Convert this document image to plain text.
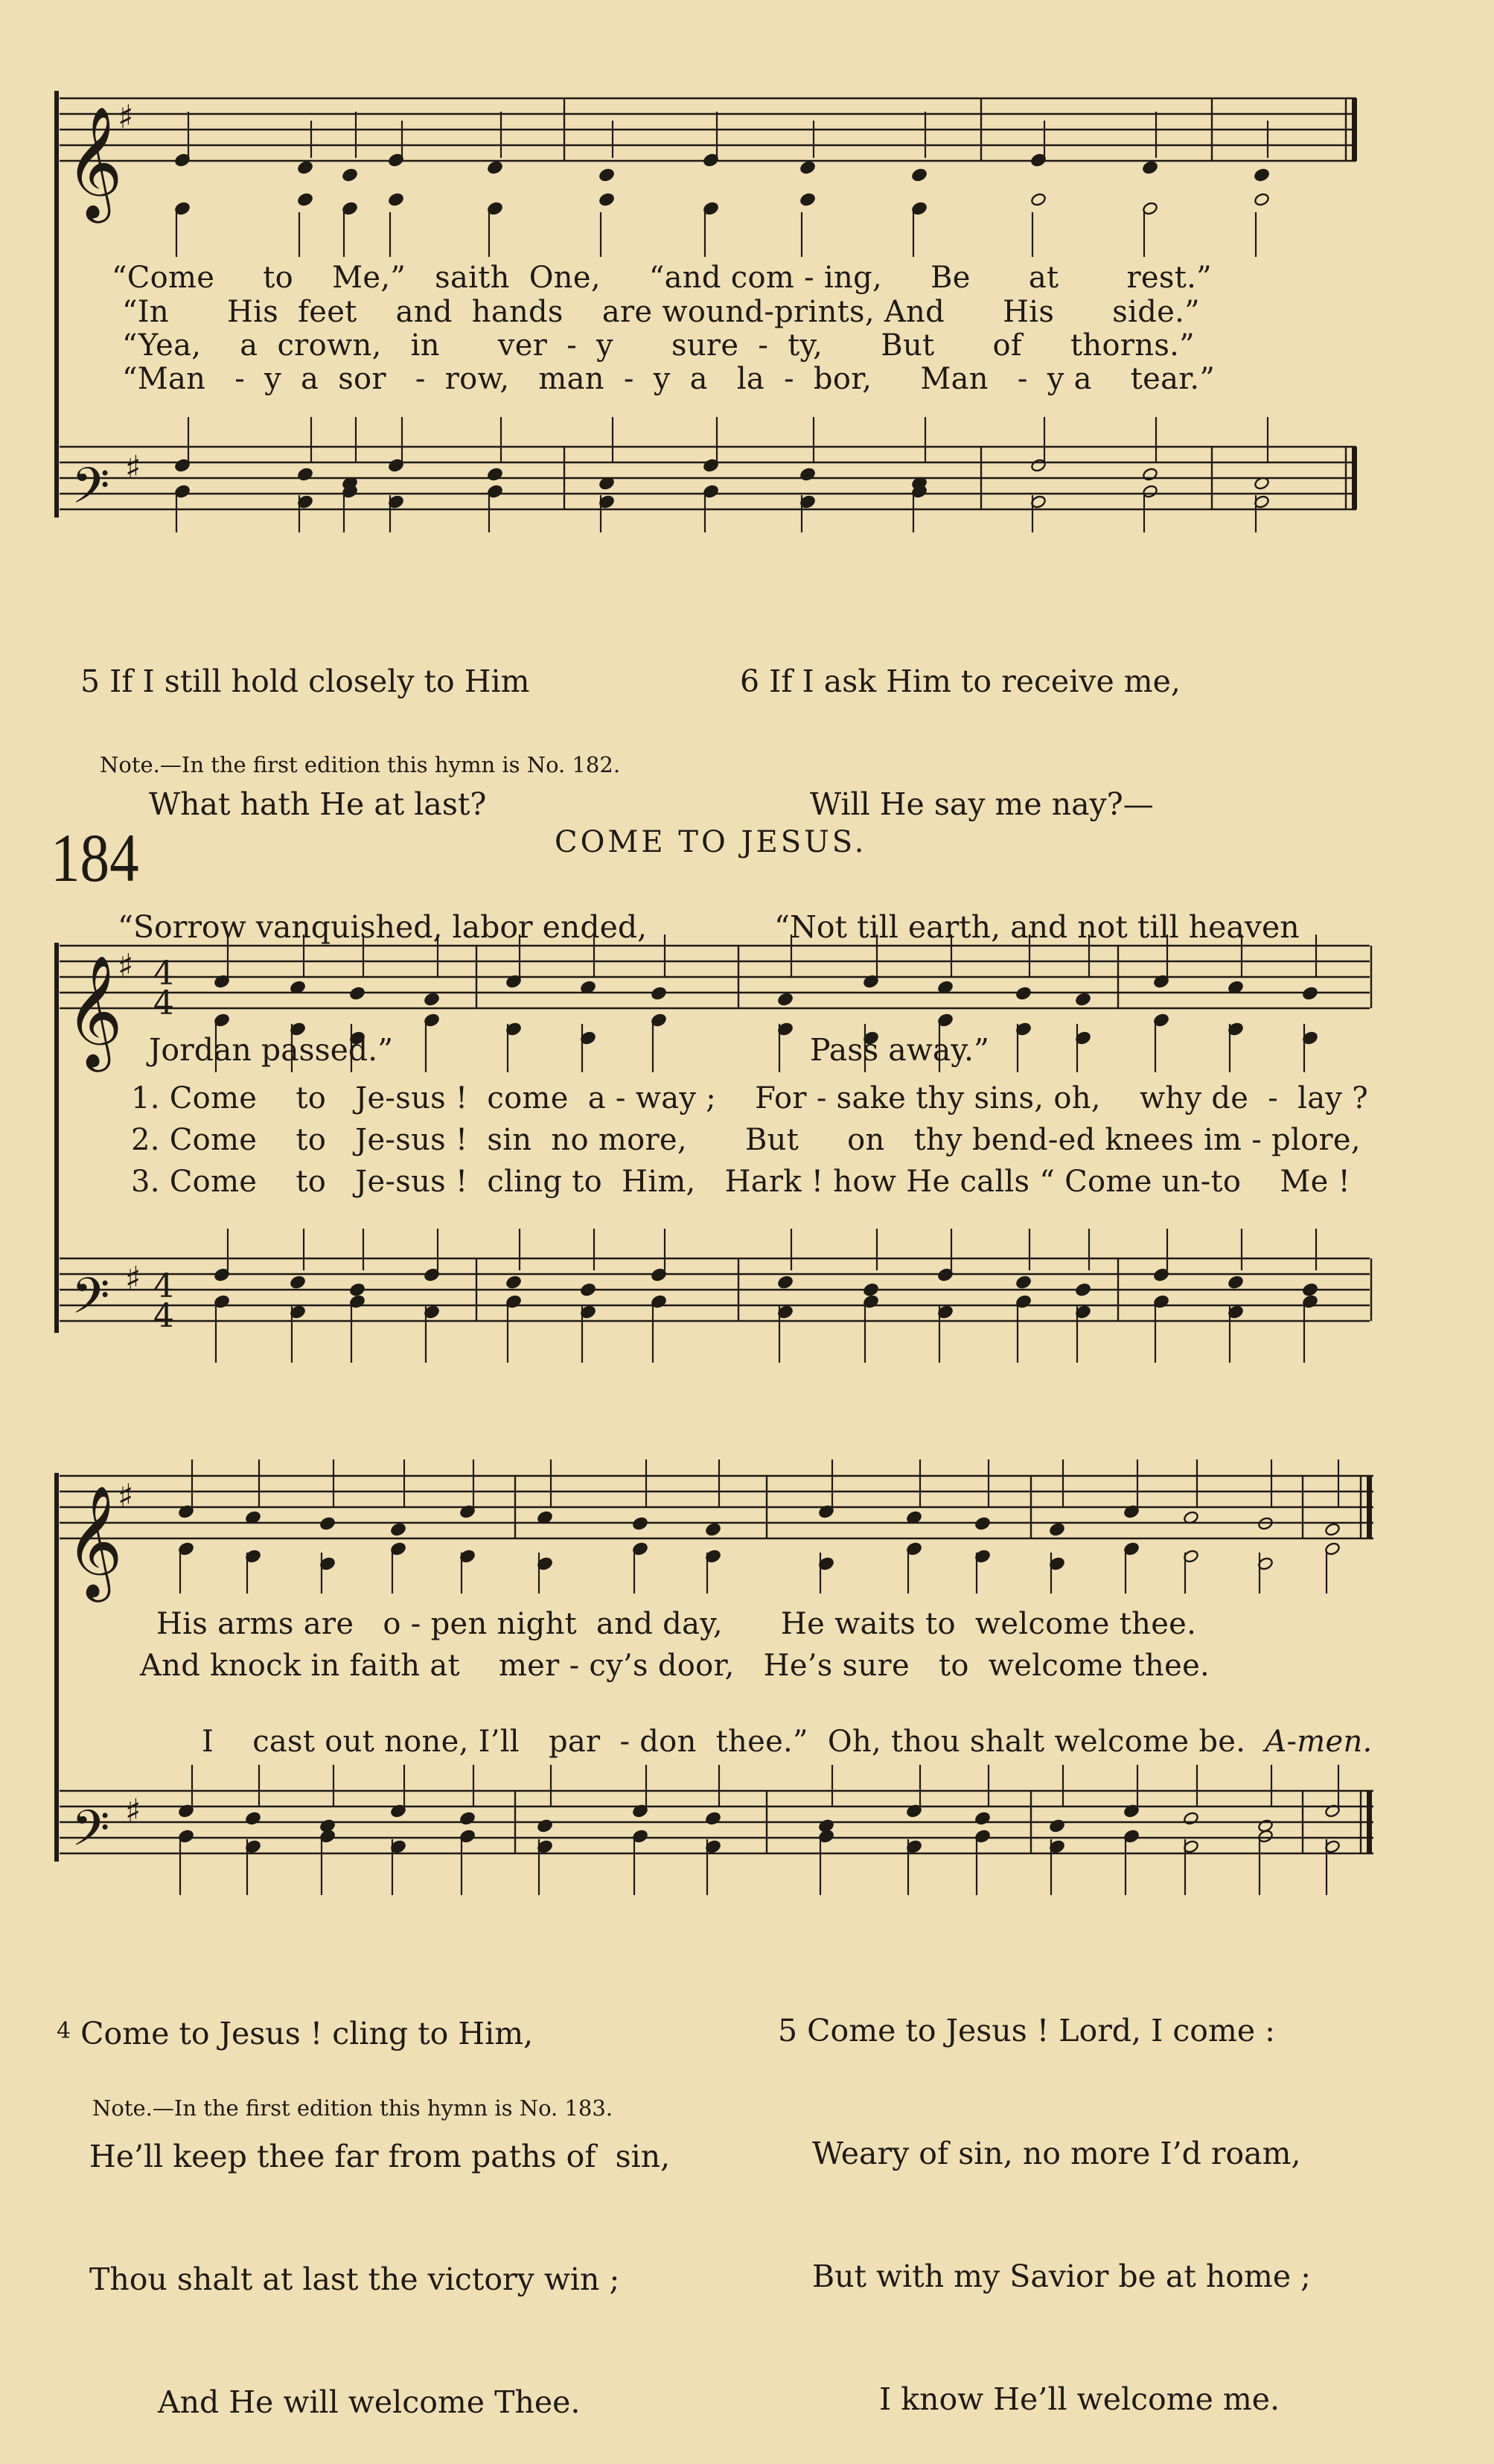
𝄞
𝄢
♯
♯
𝄞
𝄢
♯
♯
4
4
4
4
𝄞
𝄢
♯
♯
“Come     to    Me,”   saith  One,     “and com - ing,     Be      at       rest.”
“In      His  feet    and  hands    are wound-prints, And      His      side.”
“Yea,    a  crown,   in      ver  -  y      sure  -  ty,      But      of     thorns.”
“Man   -  y  a  sor   -  row,   man  -  y  a   la  -  bor,     Man   -  y a    tear.”

5 If I still hold closely to Him

What hath He at last?

“Sorrow vanquished, labor ended,

Jordan passed.”

6 If I ask Him to receive me,

Will He say me nay?—

“Not till earth, and not till heaven

Pass away.”

Note.—In the first edition this hymn is No. 182.
184	COME TO JESUS.
1. Come    to   Je-sus !  come  a - way ;    For - sake thy sins, oh,    why de  -  lay ?
2. Come    to   Je-sus !  sin  no more,      But     on   thy bend-ed knees im - plore,
3. Come    to   Je-sus !  cling to  Him,   Hark ! how He calls “ Come un-to    Me !
His arms are   o - pen night  and day,      He waits to  welcome thee.
And knock in faith at    mer - cy’s door,   He’s sure   to  welcome thee.

I    cast out none, I’ll   par  - don  thee.”  Oh, thou shalt welcome be. A-men.

4 Come to Jesus ! cling to Him,

He’ll keep thee far from paths of  sin,

Thou shalt at last the victory win ;

And He will welcome Thee.

5 Come to Jesus ! Lord, I come :

Weary of sin, no more I’d roam,

But with my Savior be at home ;

I know He’ll welcome me.

Note.—In the first edition this hymn is No. 183.
